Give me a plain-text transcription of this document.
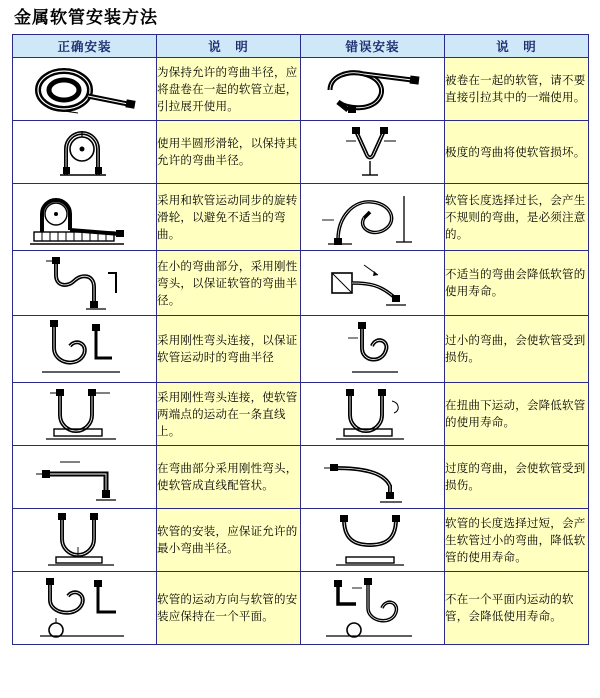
金属软管安装方法
正确安装	说　明	错误安装	说　明

	为保持允许的弯曲半径，应将盘卷在一起的软管立起，引拉展开使用。		被卷在一起的软管，请不要直接引拉其中的一端使用。

	使用半圆形滑轮，以保持其允许的弯曲半径。		极度的弯曲将使软管损坏。

	采用和软管运动同步的旋转滑轮，以避免不适当的弯曲。		软管长度选择过长，会产生不规则的弯曲，是必须注意的。

	在小的弯曲部分，采用刚性弯头，以保证软管的弯曲半径。		不适当的弯曲会降低软管的使用寿命。

	采用刚性弯头连接，以保证软管运动时的弯曲半径		过小的弯曲，会使软管受到损伤。

	采用刚性弯头连接，使软管两端点的运动在一条直线上。		在扭曲下运动，会降低软管的使用寿命。

	在弯曲部分采用刚性弯头，使软管成直线配管状。		过度的弯曲，会使软管受到损伤。

	软管的安装，应保证允许的最小弯曲半径。		软管的长度选择过短，会产生软管过小的弯曲，降低软管的使用寿命。

	软管的运动方向与软管的安装应保持在一个平面。		不在一个平面内运动的软管，会降低使用寿命。
